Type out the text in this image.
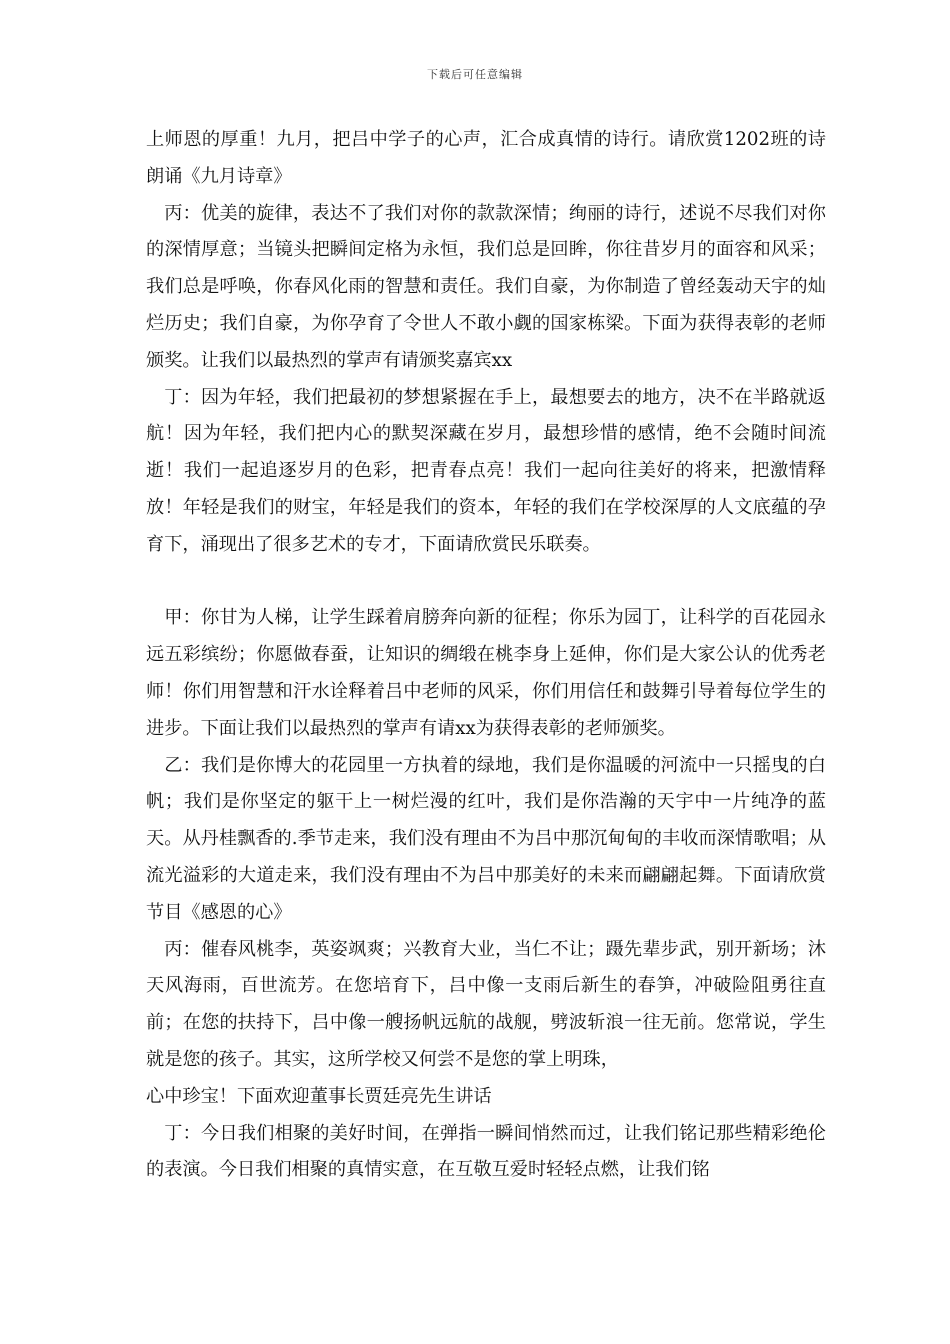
下载后可任意编辑

上师恩的厚重！九月，把吕中学子的心声，汇合成真情的诗行。请欣赏1202班的诗朗诵《九月诗章》

丙：优美的旋律，表达不了我们对你的款款深情；绚丽的诗行，述说不尽我们对你的深情厚意；当镜头把瞬间定格为永恒，我们总是回眸，你往昔岁月的面容和风采；我们总是呼唤，你春风化雨的智慧和责任。我们自豪，为你制造了曾经轰动天宇的灿烂历史；我们自豪，为你孕育了令世人不敢小觑的国家栋梁。下面为获得表彰的老师颁奖。让我们以最热烈的掌声有请颁奖嘉宾xx

丁：因为年轻，我们把最初的梦想紧握在手上，最想要去的地方，决不在半路就返航！因为年轻，我们把内心的默契深藏在岁月，最想珍惜的感情，绝不会随时间流逝！我们一起追逐岁月的色彩，把青春点亮！我们一起向往美好的将来，把激情释放！年轻是我们的财宝，年轻是我们的资本，年轻的我们在学校深厚的人文底蕴的孕育下，涌现出了很多艺术的专才，下面请欣赏民乐联奏。

甲：你甘为人梯，让学生踩着肩膀奔向新的征程；你乐为园丁，让科学的百花园永远五彩缤纷；你愿做春蚕，让知识的绸缎在桃李身上延伸，你们是大家公认的优秀老师！你们用智慧和汗水诠释着吕中老师的风采，你们用信任和鼓舞引导着每位学生的进步。下面让我们以最热烈的掌声有请xx为获得表彰的老师颁奖。

乙：我们是你博大的花园里一方执着的绿地，我们是你温暖的河流中一只摇曳的白帆；我们是你坚定的躯干上一树烂漫的红叶，我们是你浩瀚的天宇中一片纯净的蓝天。从丹桂飘香的.季节走来，我们没有理由不为吕中那沉甸甸的丰收而深情歌唱；从流光溢彩的大道走来，我们没有理由不为吕中那美好的未来而翩翩起舞。下面请欣赏节目《感恩的心》

丙：催春风桃李，英姿飒爽；兴教育大业，当仁不让；蹑先辈步武，别开新场；沐天风海雨，百世流芳。在您培育下，吕中像一支雨后新生的春笋，冲破险阻勇往直前；在您的扶持下，吕中像一艘扬帆远航的战舰，劈波斩浪一往无前。您常说，学生就是您的孩子。其实，这所学校又何尝不是您的掌上明珠，

心中珍宝！下面欢迎董事长贾廷亮先生讲话

丁：今日我们相聚的美好时间，在弹指一瞬间悄然而过，让我们铭记那些精彩绝伦的表演。今日我们相聚的真情实意，在互敬互爱时轻轻点燃，让我们铭
